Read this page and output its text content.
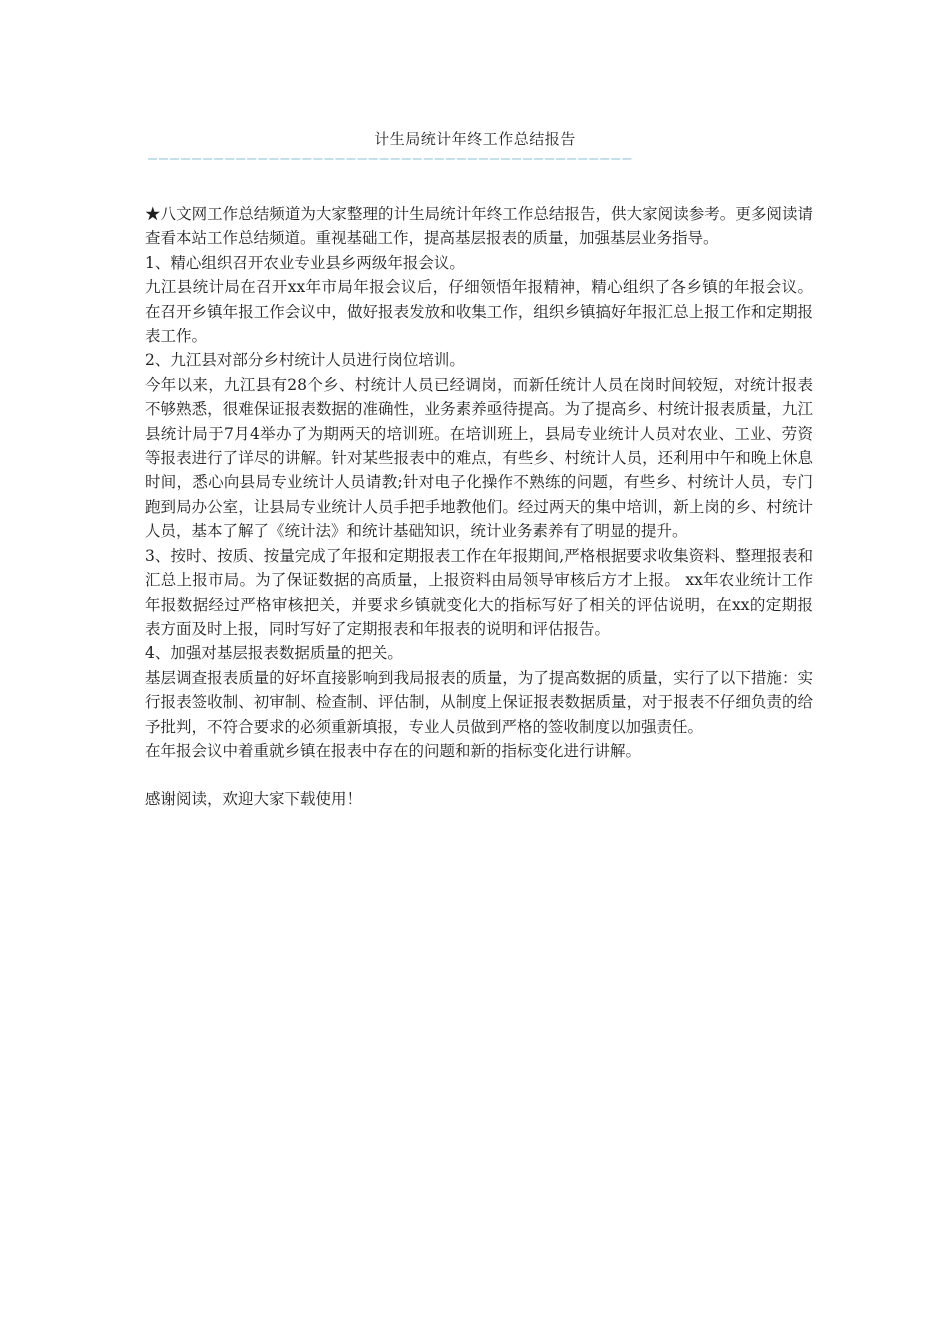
计生局统计年终工作总结报告
————————————————————————————————————————————

★八文网工作总结频道为大家整理的计生局统计年终工作总结报告，供大家阅读参考。更多阅读请查看本站工作总结频道。重视基础工作，提高基层报表的质量，加强基层业务指导。

1、精心组织召开农业专业县乡两级年报会议。

九江县统计局在召开xx年市局年报会议后，仔细领悟年报精神，精心组织了各乡镇的年报会议。在召开乡镇年报工作会议中，做好报表发放和收集工作，组织乡镇搞好年报汇总上报工作和定期报表工作。

2、九江县对部分乡村统计人员进行岗位培训。

今年以来，九江县有28个乡、村统计人员已经调岗，而新任统计人员在岗时间较短，对统计报表不够熟悉，很难保证报表数据的准确性，业务素养亟待提高。为了提高乡、村统计报表质量，九江县统计局于7月4举办了为期两天的培训班。在培训班上，县局专业统计人员对农业、工业、劳资等报表进行了详尽的讲解。针对某些报表中的难点，有些乡、村统计人员，还利用中午和晚上休息时间，悉心向县局专业统计人员请教;针对电子化操作不熟练的问题，有些乡、村统计人员，专门跑到局办公室，让县局专业统计人员手把手地教他们。经过两天的集中培训，新上岗的乡、村统计人员，基本了解了《统计法》和统计基础知识，统计业务素养有了明显的提升。

3、按时、按质、按量完成了年报和定期报表工作在年报期间,严格根据要求收集资料、整理报表和汇总上报市局。为了保证数据的高质量，上报资料由局领导审核后方才上报。 xx年农业统计工作年报数据经过严格审核把关，并要求乡镇就变化大的指标写好了相关的评估说明，在xx的定期报表方面及时上报，同时写好了定期报表和年报表的说明和评估报告。

4、加强对基层报表数据质量的把关。

基层调查报表质量的好坏直接影响到我局报表的质量，为了提高数据的质量，实行了以下措施：实行报表签收制、初审制、检查制、评估制，从制度上保证报表数据质量，对于报表不仔细负责的给予批判，不符合要求的必须重新填报，专业人员做到严格的签收制度以加强责任。

在年报会议中着重就乡镇在报表中存在的问题和新的指标变化进行讲解。

感谢阅读，欢迎大家下载使用！
